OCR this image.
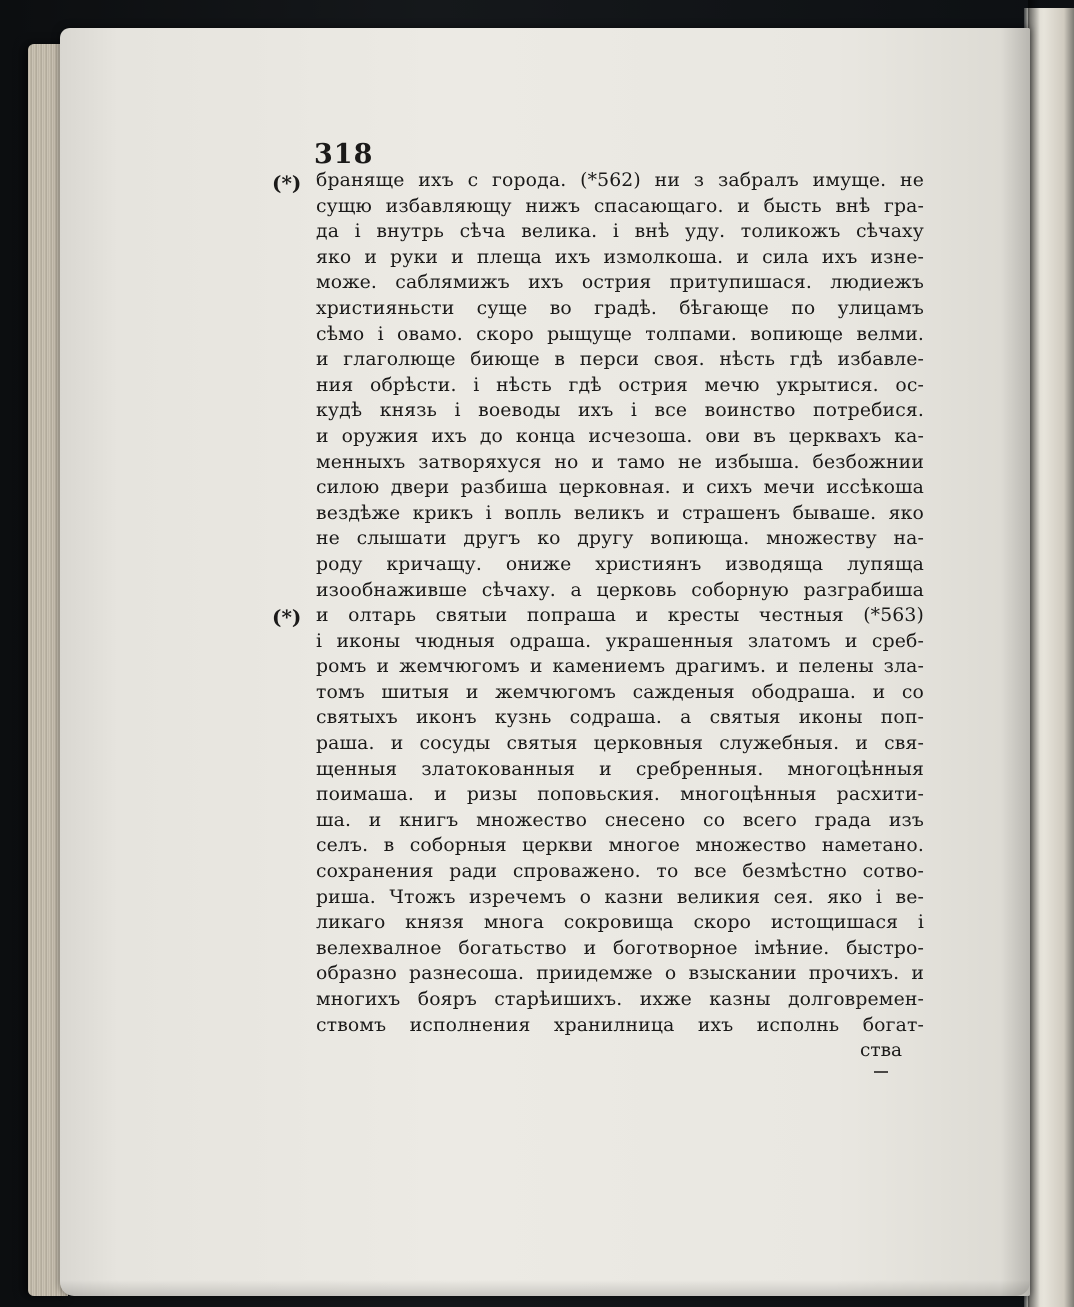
318
(*)
(*)
бранящe ихъ с города. (*562) ни з забралъ имущe. не
сущю избавляющу нижъ спасающаго. и бысть внѣ гра-
да і внутрь сѣча велика. і внѣ уду. толикожъ сѣчаху
яко и руки и плеща ихъ измолкоша. и сила ихъ изне-
може. саблямижъ ихъ острия притупишася. людиежъ
християньсти суще во градѣ. бѣгающе по улицамъ
сѣмо і овамо. скоро рыщуще толпами. вопиюще велми.
и глаголюще биюще в перси своя. нѣсть гдѣ избавле-
ния обрѣсти. і нѣсть гдѣ острия мечю укрытися. ос-
кудѣ князь і воеводы ихъ і все воинство потребися.
и оружия ихъ до конца исчезоша. ови въ церквахъ ка-
менныхъ затворяхуся но и тамо не избыша. безбожнии
силою двери разбиша церковная. и сихъ мечи иссѣкоша
вездѣже крикъ і вопль великъ и страшенъ бываше. яко
не слышати другъ ко другу вопиюща. множеству на-
роду кричащу. ониже християнъ изводяща лупяща
изообнажившe сѣчаху. а церковь соборную разграбиша
и олтарь святыи попраша и кресты честныя (*563)
і иконы чюдныя одраша. украшенныя златомъ и среб-
ромъ и жемчюгомъ и камениемъ драгимъ. и пелены зла-
томъ шитыя и жемчюгомъ сажденыя ободраша. и со
святыхъ иконъ кузнь содраша. а святыя иконы поп-
раша. и сосуды святыя церковныя служебныя. и свя-
щенныя златокованныя и сребренныя. многоцѣнныя
поимаша. и ризы поповьския. многоцѣнныя расхити-
ша. и книгъ множество снесено со всего града изъ
селъ. в соборныя церкви многое множество наметано.
сохранения ради спроважено. то все безмѣстно сотво-
риша. Чтожъ изречемъ о казни великия сея. яко і ве-
ликаго князя многа сокровища скоро истощишася і
велехвалное богатьство и боготворное імѣние. быстро-
образно разнесоша. приидемже о взыскании прочихъ. и
многихъ бояръ старѣишихъ. ихже казны долговремен-
ствомъ исполнения хранилница ихъ исполнь богат-
ства
